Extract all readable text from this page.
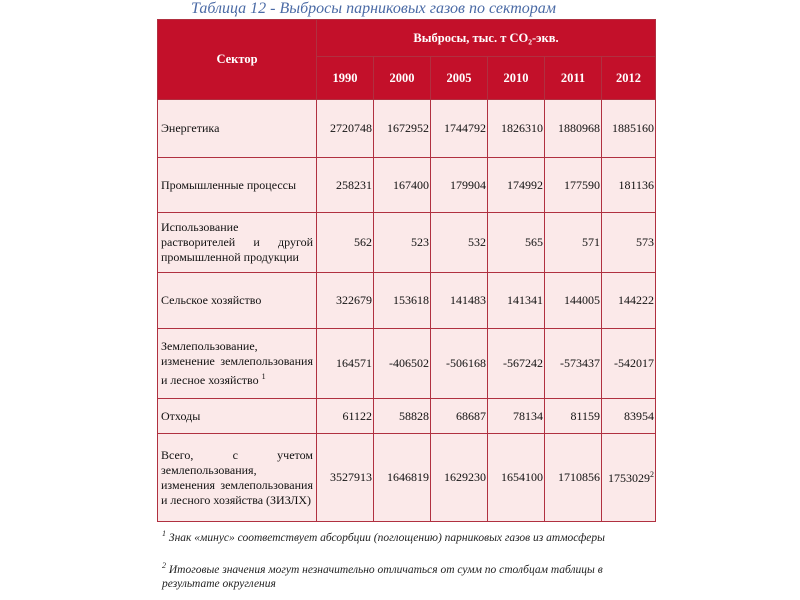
Таблица 12 - Выбросы парниковых газов по секторам
Сектор	Выбросы, тыс. т CO₂-экв.					
	1990	2000	2005	2010	2011	2012
Энергетика	2720748	1672952	1744792	1826310	1880968	1885160
Промышленные процессы	258231	167400	179904	174992	177590	181136
Использование растворителей и другой промышленной продукции	562	523	532	565	571	573
Сельское хозяйство	322679	153618	141483	141341	144005	144222
Землепользование, изменение землепользования и лесное хозяйство $^1$	164571	-406502	-506168	-567242	-573437	-542017
Отходы	61122	58828	68687	78134	81159	83954
Всего, с учетом землепользования, изменения землепользования и лесного хозяйства (ЗИЗЛХ)	3527913	1646819	1629230	1654100	1710856	1753029$^2$
$^1$ Знак «минус» соответствует абсорбции (поглощению) парниковых газов из атмосферы
$^2$ Итоговые значения могут незначительно отличаться от сумм по столбцам таблицы в результате округления
